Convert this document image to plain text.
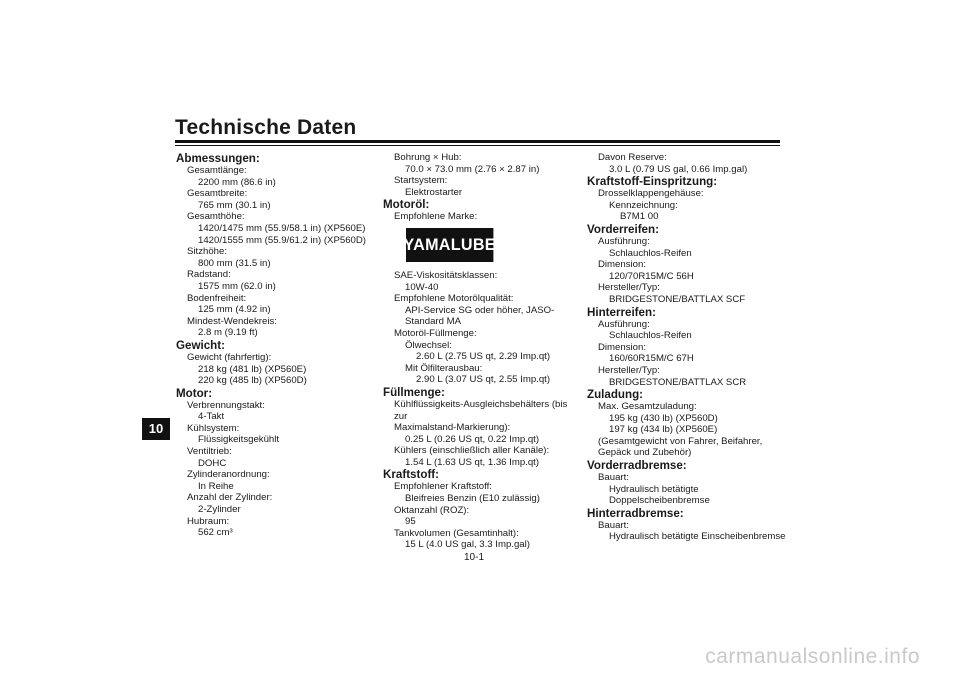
Technische Daten
10
Abmessungen:
Gesamtlänge:
2200 mm (86.6 in)
Gesamtbreite:
765 mm (30.1 in)
Gesamthöhe:
1420/1475 mm (55.9/58.1 in) (XP560E)
1420/1555 mm (55.9/61.2 in) (XP560D)
Sitzhöhe:
800 mm (31.5 in)
Radstand:
1575 mm (62.0 in)
Bodenfreiheit:
125 mm (4.92 in)
Mindest-Wendekreis:
2.8 m (9.19 ft)
Gewicht:
Gewicht (fahrfertig):
218 kg (481 lb) (XP560E)
220 kg (485 lb) (XP560D)
Motor:
Verbrennungstakt:
4-Takt
Kühlsystem:
Flüssigkeitsgekühlt
Ventiltrieb:
DOHC
Zylinderanordnung:
In Reihe
Anzahl der Zylinder:
2-Zylinder
Hubraum:
562 cm³
Bohrung × Hub:
70.0 × 73.0 mm (2.76 × 2.87 in)
Startsystem:
Elektrostarter
Motoröl:
Empfohlene Marke:
YAMALUBE
SAE-Viskositätsklassen:
10W-40
Empfohlene Motorölqualität:
API-Service SG oder höher, JASO-
Standard MA
Motoröl-Füllmenge:
Ölwechsel:
2.60 L (2.75 US qt, 2.29 Imp.qt)
Mit Ölfilterausbau:
2.90 L (3.07 US qt, 2.55 Imp.qt)
Füllmenge:
Kühlflüssigkeits-Ausgleichsbehälters (bis zur
Maximalstand-Markierung):
0.25 L (0.26 US qt, 0.22 Imp.qt)
Kühlers (einschließlich aller Kanäle):
1.54 L (1.63 US qt, 1.36 Imp.qt)
Kraftstoff:
Empfohlener Kraftstoff:
Bleifreies Benzin (E10 zulässig)
Oktanzahl (ROZ):
95
Tankvolumen (Gesamtinhalt):
15 L (4.0 US gal, 3.3 Imp.gal)
Davon Reserve:
3.0 L (0.79 US gal, 0.66 Imp.gal)
Kraftstoff-Einspritzung:
Drosselklappengehäuse:
Kennzeichnung:
B7M1 00
Vorderreifen:
Ausführung:
Schlauchlos-Reifen
Dimension:
120/70R15M/C 56H
Hersteller/Typ:
BRIDGESTONE/BATTLAX SCF
Hinterreifen:
Ausführung:
Schlauchlos-Reifen
Dimension:
160/60R15M/C 67H
Hersteller/Typ:
BRIDGESTONE/BATTLAX SCR
Zuladung:
Max. Gesamtzuladung:
195 kg (430 lb) (XP560D)
197 kg (434 lb) (XP560E)
(Gesamtgewicht von Fahrer, Beifahrer,
Gepäck und Zubehör)
Vorderradbremse:
Bauart:
Hydraulisch betätigte
Doppelscheibenbremse
Hinterradbremse:
Bauart:
Hydraulisch betätigte Einscheibenbremse
10-1
carmanualsonline.info
